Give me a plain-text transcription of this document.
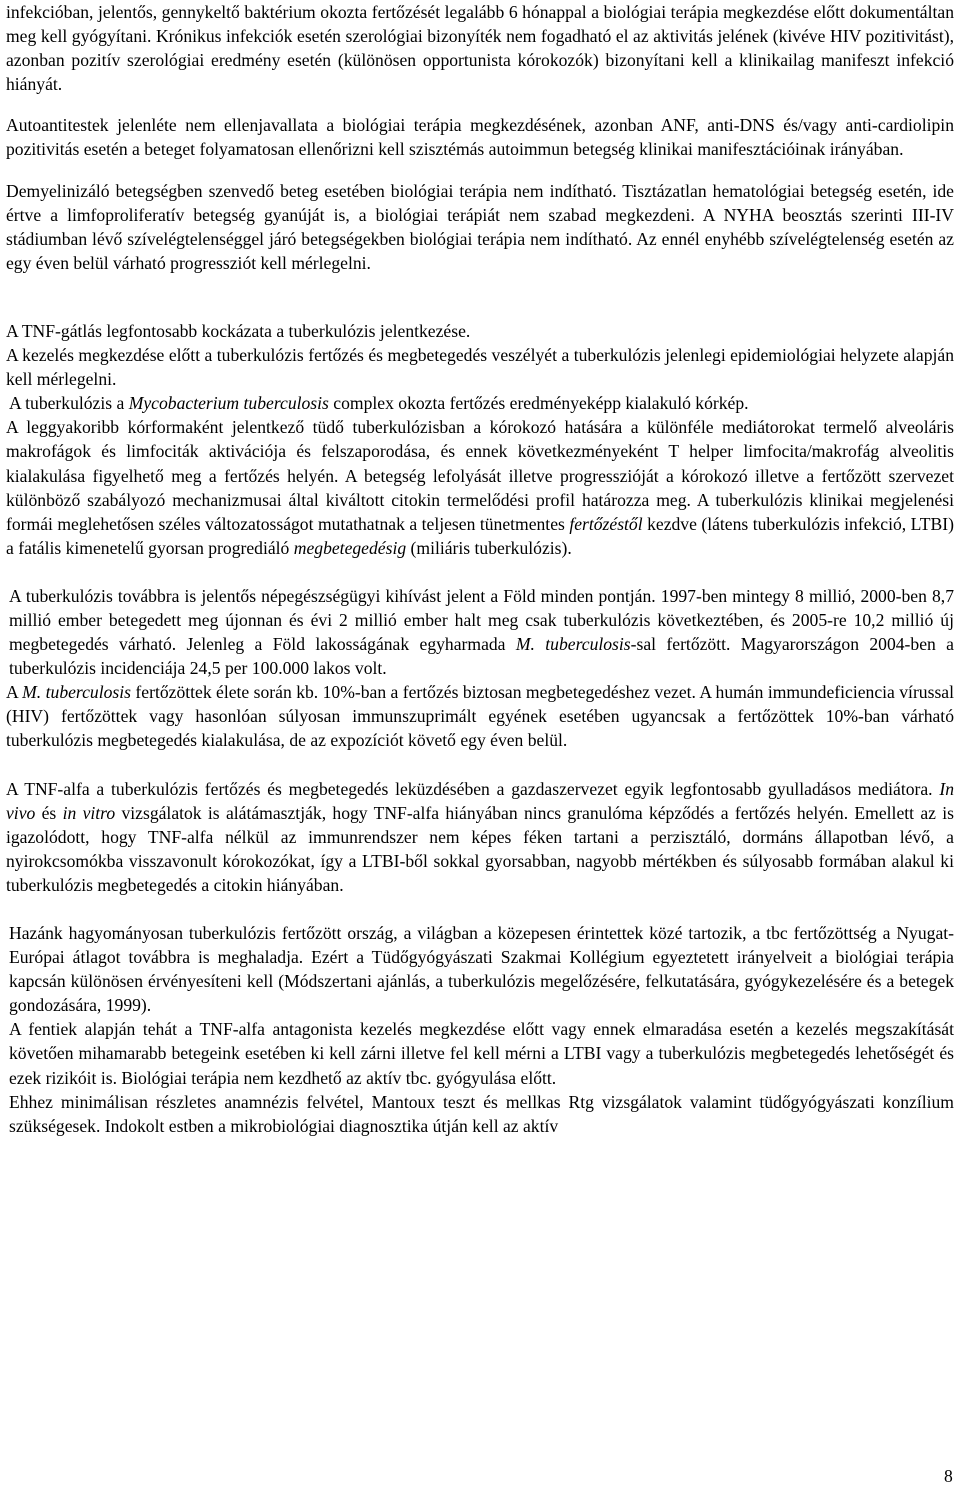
infekcióban, jelentős, gennykeltő baktérium okozta fertőzését legalább 6 hónappal a biológiai terápia megkezdése előtt dokumentáltan meg kell gyógyítani. Krónikus infekciók esetén szerológiai bizonyíték nem fogadható el az aktivitás jelének (kivéve HIV pozitivitást), azonban pozitív szerológiai eredmény esetén (különösen opportunista kórokozók) bizonyítani kell a klinikailag manifeszt infekció hiányát.

Autoantitestek jelenléte nem ellenjavallata a biológiai terápia megkezdésének, azonban ANF, anti-DNS és/vagy anti-cardiolipin pozitivitás esetén a beteget folyamatosan ellenőrizni kell szisztémás autoimmun betegség klinikai manifesztációinak irányában.

Demyelinizáló betegségben szenvedő beteg esetében biológiai terápia nem indítható. Tisztázatlan hematológiai betegség esetén, ide értve a limfoproliferatív betegség gyanúját is, a biológiai terápiát nem szabad megkezdeni. A NYHA beosztás szerinti III-IV stádiumban lévő szívelégtelenséggel járó betegségekben biológiai terápia nem indítható. Az ennél enyhébb szívelégtelenség esetén az egy éven belül várható progressziót kell mérlegelni.

A TNF-gátlás legfontosabb kockázata a tuberkulózis jelentkezése.

A kezelés megkezdése előtt a tuberkulózis fertőzés és megbetegedés veszélyét a tuberkulózis jelenlegi epidemiológiai helyzete alapján kell mérlegelni.

A tuberkulózis a Mycobacterium tuberculosis complex okozta fertőzés eredményeképp kialakuló kórkép.

A leggyakoribb kórformaként jelentkező tüdő tuberkulózisban a kórokozó hatására a különféle mediátorokat termelő alveoláris makrofágok és limfociták aktivációja és felszaporodása, és ennek következményeként T helper limfocita/makrofág alveolitis kialakulása figyelhető meg a fertőzés helyén. A betegség lefolyását illetve progresszióját a kórokozó illetve a fertőzött szervezet különböző szabályozó mechanizmusai által kiváltott citokin termelődési profil határozza meg. A tuberkulózis klinikai megjelenési formái meglehetősen széles változatosságot mutathatnak a teljesen tünetmentes fertőzéstől kezdve (látens tuberkulózis infekció, LTBI) a fatális kimenetelű gyorsan progrediáló megbetegedésig (miliáris tuberkulózis).

A tuberkulózis továbbra is jelentős népegészségügyi kihívást jelent a Föld minden pontján. 1997-ben mintegy 8 millió, 2000-ben 8,7 millió ember betegedett meg újonnan és évi 2 millió ember halt meg csak tuberkulózis következtében, és 2005-re 10,2 millió új megbetegedés várható. Jelenleg a Föld lakosságának egyharmada M. tuberculosis-sal fertőzött. Magyarországon 2004-ben a tuberkulózis incidenciája 24,5 per 100.000 lakos volt.

A M. tuberculosis fertőzöttek élete során kb. 10%-ban a fertőzés biztosan megbetegedéshez vezet. A humán immundeficiencia vírussal (HIV) fertőzöttek vagy hasonlóan súlyosan immunszuprimált egyének esetében ugyancsak a fertőzöttek 10%-ban várható tuberkulózis megbetegedés kialakulása, de az expozíciót követő egy éven belül.

A TNF-alfa a tuberkulózis fertőzés és megbetegedés leküzdésében a gazdaszervezet egyik legfontosabb gyulladásos mediátora. In vivo és in vitro vizsgálatok is alátámasztják, hogy TNF-alfa hiányában nincs granulóma képződés a fertőzés helyén. Emellett az is igazolódott, hogy TNF-alfa nélkül az immunrendszer nem képes féken tartani a perzisztáló, dormáns állapotban lévő, a nyirokcsomókba visszavonult kórokozókat, így a LTBI-ből sokkal gyorsabban, nagyobb mértékben és súlyosabb formában alakul ki tuberkulózis megbetegedés a citokin hiányában.

Hazánk hagyományosan tuberkulózis fertőzött ország, a világban a közepesen érintettek közé tartozik, a tbc fertőzöttség a Nyugat-Európai átlagot továbbra is meghaladja. Ezért a Tüdőgyógyászati Szakmai Kollégium egyeztetett irányelveit a biológiai terápia kapcsán különösen érvényesíteni kell (Módszertani ajánlás, a tuberkulózis megelőzésére, felkutatására, gyógykezelésére és a betegek gondozására, 1999).

A fentiek alapján tehát a TNF-alfa antagonista kezelés megkezdése előtt vagy ennek elmaradása esetén a kezelés megszakítását követően mihamarabb betegeink esetében ki kell zárni illetve fel kell mérni a LTBI vagy a tuberkulózis megbetegedés lehetőségét és ezek rizikóit is. Biológiai terápia nem kezdhető az aktív tbc. gyógyulása előtt.

Ehhez minimálisan részletes anamnézis felvétel, Mantoux teszt és mellkas Rtg vizsgálatok valamint tüdőgyógyászati konzílium szükségesek. Indokolt estben a mikrobiológiai diagnosztika útján kell az aktív

8
